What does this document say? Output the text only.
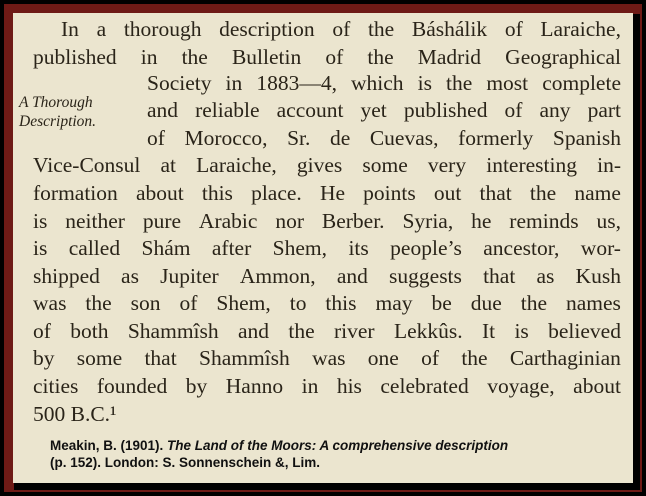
A Thorough
Description.
In a thorough description of the Báshálik of Laraiche,
published in the Bulletin of the Madrid Geographical
Society in 1883—4, which is the most complete
and reliable account yet published of any part
of Morocco, Sr. de Cuevas, formerly Spanish
Vice-Consul at Laraiche, gives some very interesting in-
formation about this place. He points out that the name
is neither pure Arabic nor Berber. Syria, he reminds us,
is called Shám after Shem, its people’s ancestor, wor-
shipped as Jupiter Ammon, and suggests that as Kush
was the son of Shem, to this may be due the names
of both Shammîsh and the river Lekkûs. It is believed
by some that Shammîsh was one of the Carthaginian
cities founded by Hanno in his celebrated voyage, about
500 B.C.¹
Meakin, B. (1901). The Land of the Moors: A comprehensive description
(p. 152). London: S. Sonnenschein &, Lim.
